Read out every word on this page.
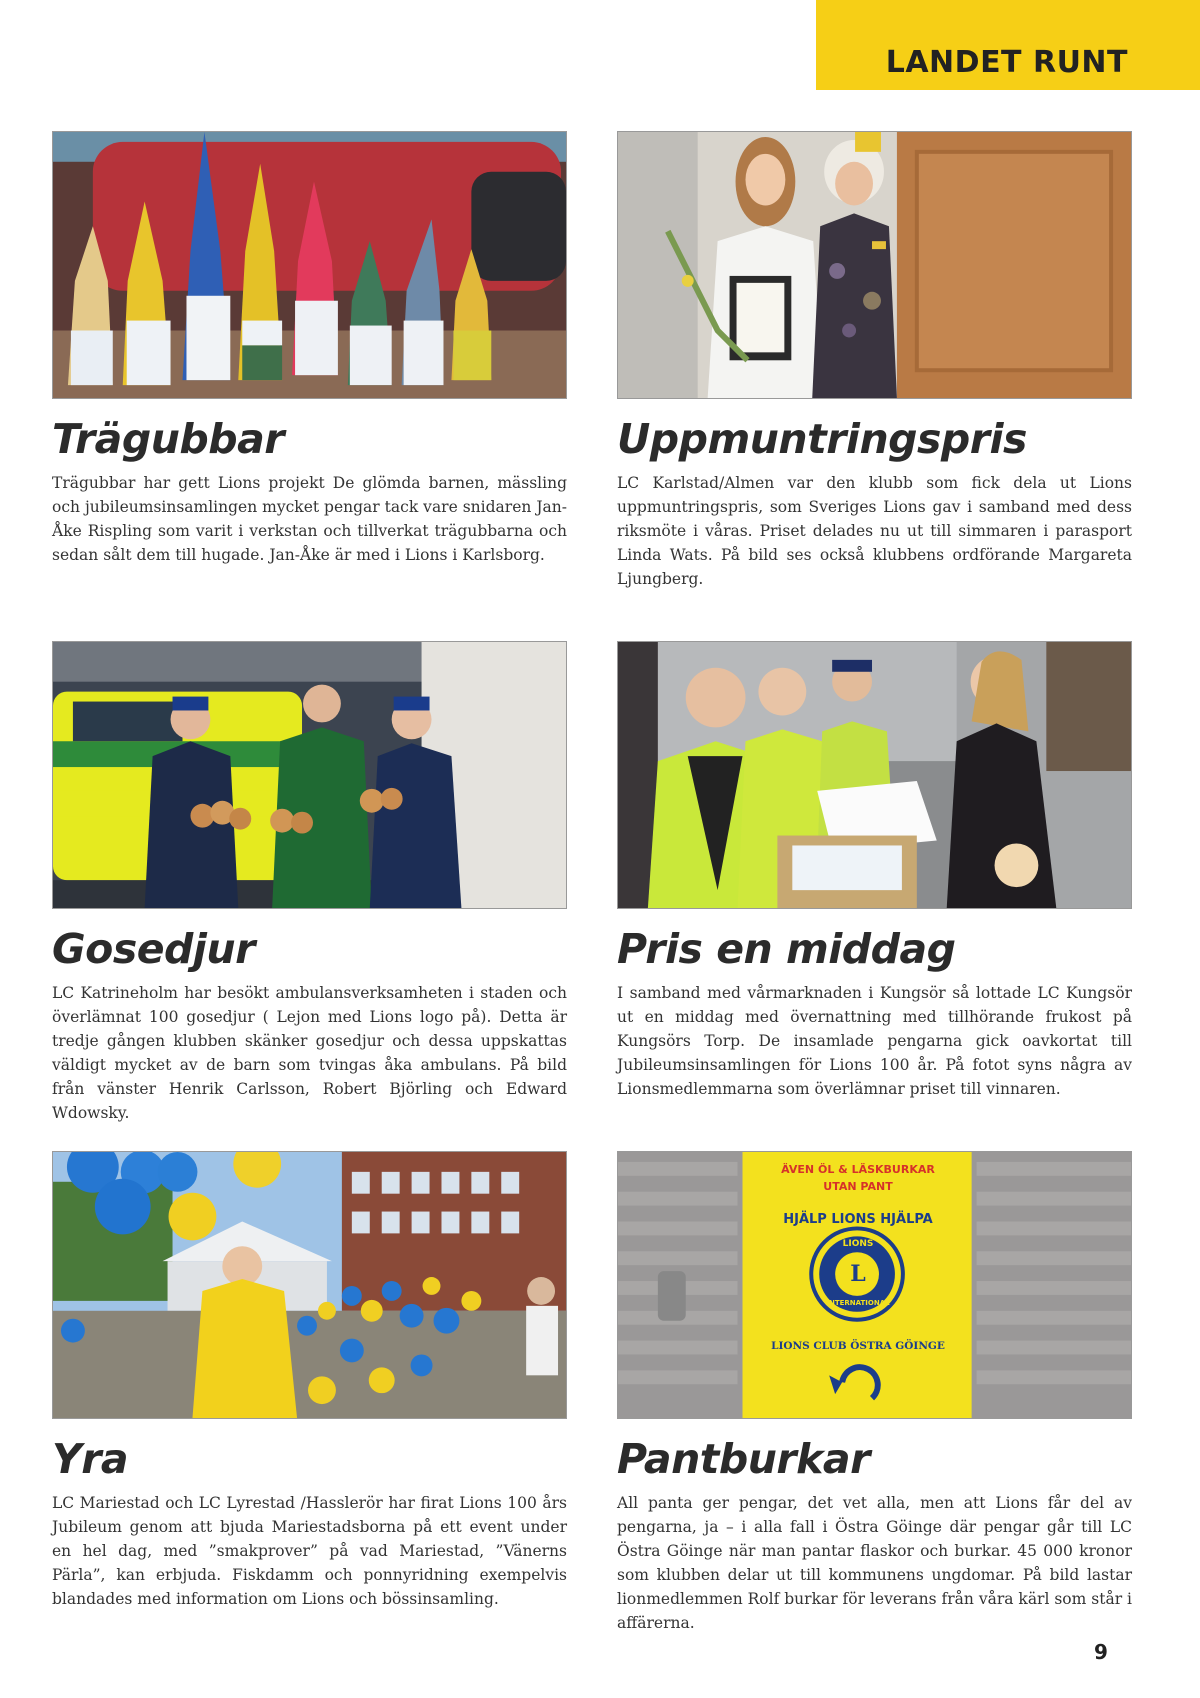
LANDET RUNT
Trägubbar

Trägubbar har gett Lions projekt De glömda barnen, mässling och jubileumsinsamlingen mycket pengar tack vare snidaren Jan-Åke Rispling som varit i verkstan och tillverkat trägubbarna och sedan sålt dem till hugade. Jan-Åke är med i Lions i Karlsborg.

Uppmuntringspris

LC Karlstad/Almen var den klubb som fick dela ut Lions uppmuntringspris, som Sveriges Lions gav i samband med dess riksmöte i våras. Priset delades nu ut till simmaren i parasport Linda Wats. På bild ses också klubbens ordförande Margareta Ljungberg.

Gosedjur

LC Katrineholm har besökt ambulansverksamheten i staden och överlämnat 100 gosedjur ( Lejon med Lions logo på). Detta är tredje gången klubben skänker gosedjur och dessa uppskattas väldigt mycket av de barn som tvingas åka ambulans. På bild från vänster Henrik Carlsson, Robert Björling och Edward Wdowsky.

Pris en middag

I samband med vårmarknaden i Kungsör så lottade LC Kungsör ut en middag med övernattning med tillhörande frukost på Kungsörs Torp. De insamlade pengarna gick oavkortat till Jubileumsinsamlingen för Lions 100 år. På fotot syns några av Lionsmedlemmarna som överlämnar priset till vinnaren.

Yra

LC Mariestad och LC Lyrestad /Hasslerör har firat Lions 100 års Jubileum genom att bjuda Mariestadsborna på ett event under en hel dag, med ”smakprover” på vad Mariestad, ”Vänerns Pärla”, kan erbjuda. Fiskdamm och ponnyridning exempelvis blandades med information om Lions och bössinsamling.

ÄVEN ÖL & LÄSKBURKAR
UTAN PANT
HJÄLP LIONS HJÄLPA
LIONS
L
INTERNATIONAL
LIONS CLUB ÖSTRA GÖINGE
Pantburkar

All panta ger pengar, det vet alla, men att Lions får del av pengarna, ja – i alla fall i Östra Göinge där pengar går till LC Östra Göinge när man pantar flaskor och burkar. 45 000 kronor som klubben delar ut till kommunens ungdomar. På bild lastar lionmedlemmen Rolf burkar för leverans från våra kärl som står i affärerna.

9
